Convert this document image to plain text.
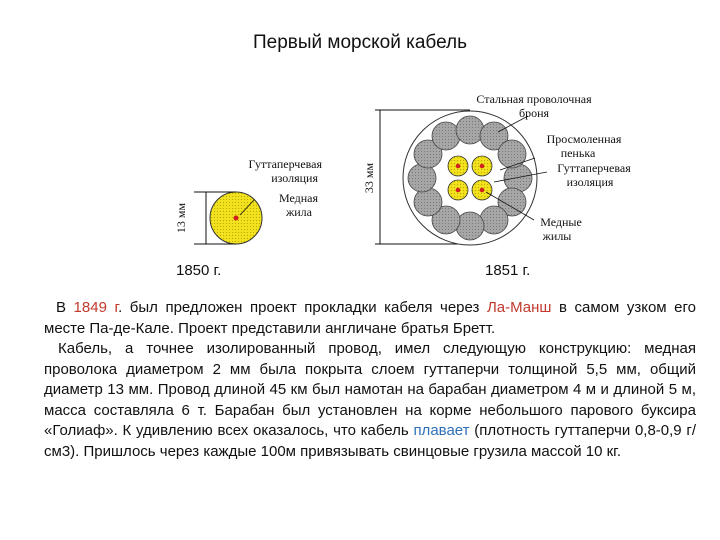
Первый морской кабель
13 мм
Гуттаперчевая
изоляция
Медная
жила
33 мм
Стальная проволочная
броня
Просмоленная
пенька
Гуттаперчевая
изоляция
Медные
жилы
1850 г.	1851 г.

В 1849 г. был предложен проект прокладки кабеля через Ла-Манш в самом узком его месте Па-де-Кале. Проект представили англичане братья Бретт.

Кабель, а точнее изолированный провод, имел следующую конструкцию: медная проволока диаметром 2 мм была покрыта слоем гуттаперчи толщиной 5,5 мм, общий диаметр 13 мм. Провод длиной 45 км был намотан на барабан диаметром 4 м и длиной 5 м, масса составляла 6 т. Барабан был установлен на корме небольшого парового буксира «Голиаф». К удивлению всех оказалось, что кабель плавает (плотность гуттаперчи 0,8-0,9 г/см3). Пришлось через каждые 100м привязывать свинцовые грузила массой 10 кг.
